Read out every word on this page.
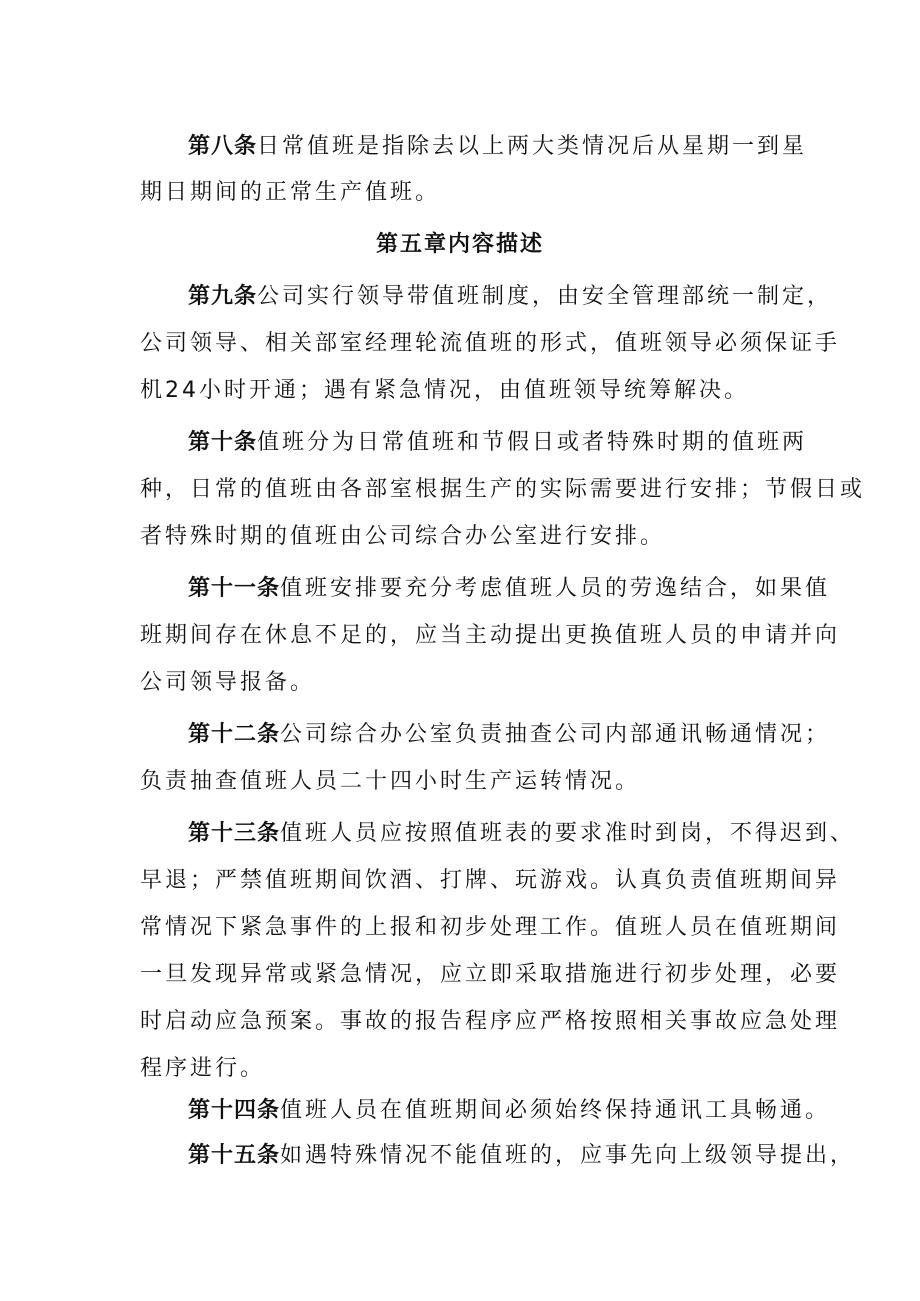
第八条日常值班是指除去以上两大类情况后从星期一到星
期日期间的正常生产值班。
第五章内容描述
第九条公司实行领导带值班制度，由安全管理部统一制定，
公司领导、相关部室经理轮流值班的形式，值班领导必须保证手
机24小时开通；遇有紧急情况，由值班领导统筹解决。
第十条值班分为日常值班和节假日或者特殊时期的值班两
种，日常的值班由各部室根据生产的实际需要进行安排；节假日或
者特殊时期的值班由公司综合办公室进行安排。
第十一条值班安排要充分考虑值班人员的劳逸结合，如果值
班期间存在休息不足的，应当主动提出更换值班人员的申请并向
公司领导报备。
第十二条公司综合办公室负责抽查公司内部通讯畅通情况；
负责抽查值班人员二十四小时生产运转情况。
第十三条值班人员应按照值班表的要求准时到岗，不得迟到、
早退；严禁值班期间饮酒、打牌、玩游戏。认真负责值班期间异
常情况下紧急事件的上报和初步处理工作。值班人员在值班期间
一旦发现异常或紧急情况，应立即采取措施进行初步处理，必要
时启动应急预案。事故的报告程序应严格按照相关事故应急处理
程序进行。
第十四条值班人员在值班期间必须始终保持通讯工具畅通。
第十五条如遇特殊情况不能值班的，应事先向上级领导提出，
